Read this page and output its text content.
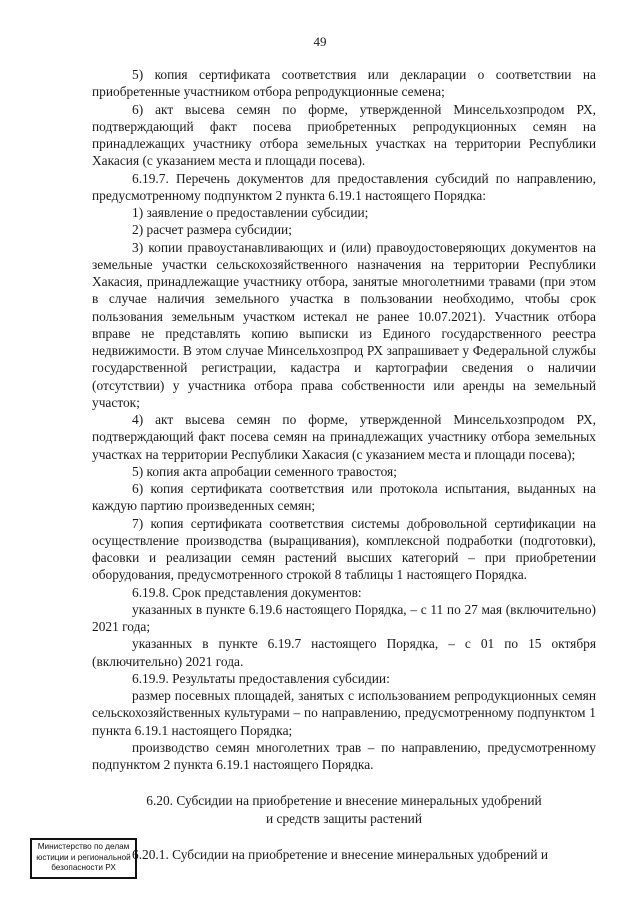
49

5) копия сертификата соответствия или декларации о соответствии на приобретенные участником отбора репродукционные семена;

6) акт высева семян по форме, утвержденной Минсельхозпродом РХ, подтверждающий факт посева приобретенных репродукционных семян на принадлежащих участнику отбора земельных участках на территории Республики Хакасия (с указанием места и площади посева).

6.19.7. Перечень документов для предоставления субсидий по направлению, предусмотренному подпунктом 2 пункта 6.19.1 настоящего Порядка:

1) заявление о предоставлении субсидии;

2) расчет размера субсидии;

3) копии правоустанавливающих и (или) правоудостоверяющих документов на земельные участки сельскохозяйственного назначения на территории Республики Хакасия, принадлежащие участнику отбора, занятые многолетними травами (при этом в случае наличия земельного участка в пользовании необходимо, чтобы срок пользования земельным участком истекал не ранее 10.07.2021). Участник отбора вправе не представлять копию выписки из Единого государственного реестра недвижимости. В этом случае Минсельхозпрод РХ запрашивает у Федеральной службы государственной регистрации, кадастра и картографии сведения о наличии (отсутствии) у участника отбора права собственности или аренды на земельный участок;

4) акт высева семян по форме, утвержденной Минсельхозпродом РХ, подтверждающий факт посева семян на принадлежащих участнику отбора земельных участках на территории Республики Хакасия (с указанием места и площади посева);

5) копия акта апробации семенного травостоя;

6) копия сертификата соответствия или протокола испытания, выданных на каждую партию произведенных семян;

7) копия сертификата соответствия системы добровольной сертификации на осуществление производства (выращивания), комплексной подработки (подготовки), фасовки и реализации семян растений высших категорий – при приобретении оборудования, предусмотренного строкой 8 таблицы 1 настоящего Порядка.

6.19.8. Срок представления документов:

указанных в пункте 6.19.6 настоящего Порядка, – с 11 по 27 мая (включительно) 2021 года;

указанных в пункте 6.19.7 настоящего Порядка, – с 01 по 15 октября (включительно) 2021 года.

6.19.9. Результаты предоставления субсидии:

размер посевных площадей, занятых с использованием репродукционных семян сельскохозяйственных культурами – по направлению, предусмотренному подпунктом 1 пункта 6.19.1 настоящего Порядка;

производство семян многолетних трав – по направлению, предусмотренному подпунктом 2 пункта 6.19.1 настоящего Порядка.

6.20. Субсидии на приобретение и внесение минеральных удобрений
и средств защиты растений

6.20.1. Субсидии на приобретение и внесение минеральных удобрений и

Министерство по делам
юстиции и региональной
безопасности РХ
